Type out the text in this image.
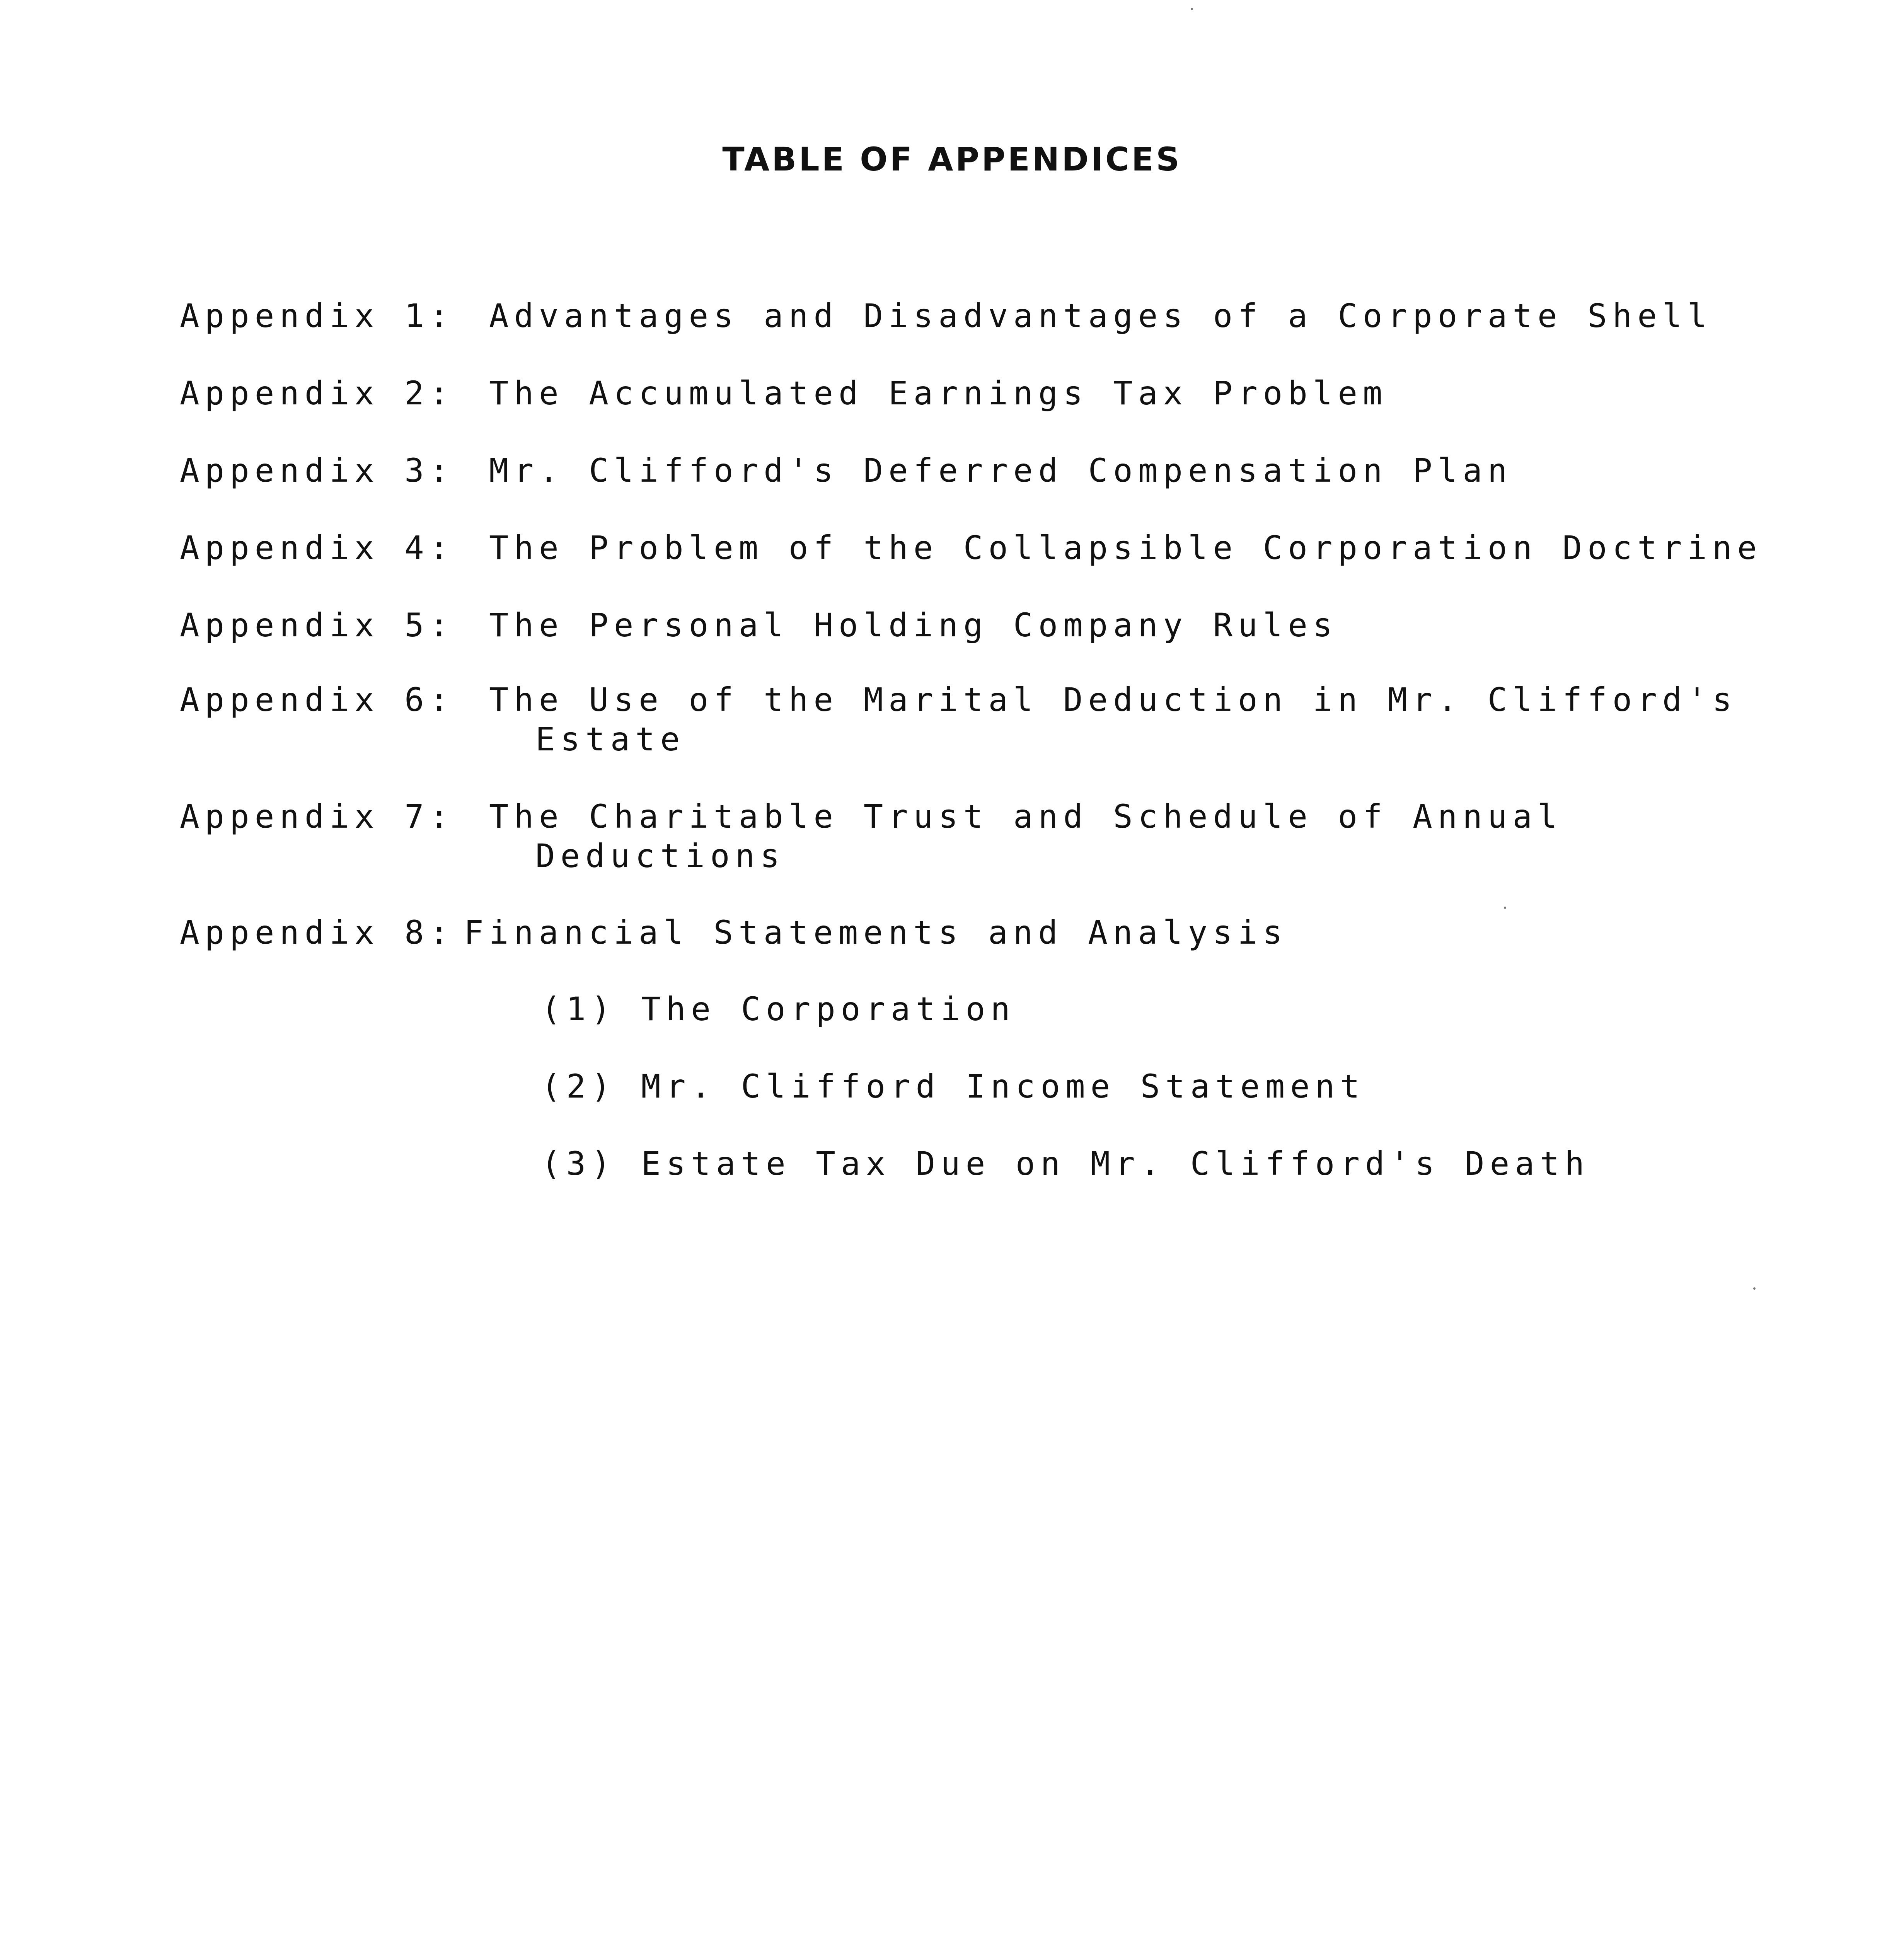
TABLE OF APPENDICES
Appendix 1: Advantages and Disadvantages of a Corporate Shell
Appendix 2: The Accumulated Earnings Tax Problem
Appendix 3: Mr. Clifford's Deferred Compensation Plan
Appendix 4: The Problem of the Collapsible Corporation Doctrine
Appendix 5: The Personal Holding Company Rules
Appendix 6: The Use of the Marital Deduction in Mr. Clifford's
Estate
Appendix 7: The Charitable Trust and Schedule of Annual
Deductions
Appendix 8: Financial Statements and Analysis
(1) The Corporation
(2) Mr. Clifford Income Statement
(3) Estate Tax Due on Mr. Clifford's Death
